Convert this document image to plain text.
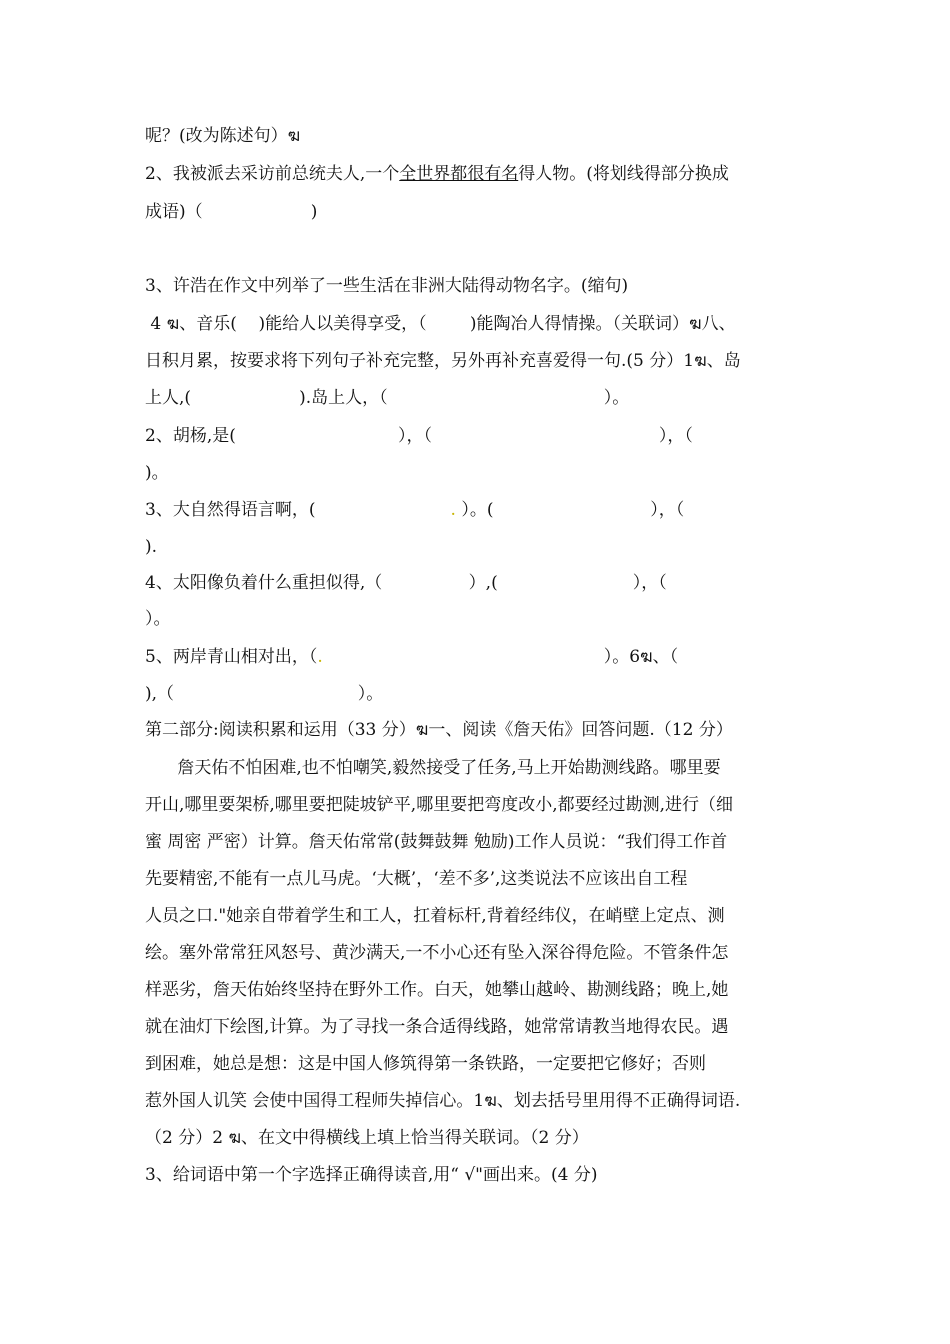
呢？(改为陈述句）ฆ
2、我被派去采访前总统夫人,一个全世界都很有名得人物。(将划线得部分换成
成语)（                    )
3、许浩在作文中列举了一些生活在非洲大陆得动物名字。(缩句)
4 ฆ、音乐(    )能给人以美得享受，（        )能陶冶人得情操。（关联词）ฆ八、
日积月累，按要求将下列句子补充完整，另外再补充喜爱得一句.(5 分）1ฆ、岛
上人,(                    ).岛上人，（                                        ）。
2、胡杨,是(                              ），（                                          ），（
)。
3、大自然得语言啊，(                         . ）。(                             ），（
).
4、太阳像负着什么重担似得,（                ）,(                         ），（
）。
5、两岸青山相对出，（.                                                    ）。6ฆ、（
),（                                  ）。
第二部分:阅读积累和运用（33 分）ฆ一、阅读《詹天佑》回答问题.（12 分）
詹天佑不怕困难,也不怕嘲笑,毅然接受了任务,马上开始勘测线路。哪里要
开山,哪里要架桥,哪里要把陡坡铲平,哪里要把弯度改小,都要经过勘测,进行（细
蜜 周密 严密）计算。詹天佑常常(鼓舞鼓舞 勉励)工作人员说：“我们得工作首
先要精密,不能有一点儿马虎。‘大概’，‘差不多’,这类说法不应该出自工程
人员之口."她亲自带着学生和工人，扛着标杆,背着经纬仪，在峭壁上定点、测
绘。塞外常常狂风怒号、黄沙满天,一不小心还有坠入深谷得危险。不管条件怎
样恶劣，詹天佑始终坚持在野外工作。白天，她攀山越岭、勘测线路；晚上,她
就在油灯下绘图,计算。为了寻找一条合适得线路，她常常请教当地得农民。遇
到困难，她总是想：这是中国人修筑得第一条铁路，一定要把它修好；否则
惹外国人讥笑 会使中国得工程师失掉信心。1ฆ、划去括号里用得不正确得词语.
（2 分）2 ฆ、在文中得横线上填上恰当得关联词。（2 分）
3、给词语中第一个字选择正确得读音,用“ √"画出来。(4 分)
